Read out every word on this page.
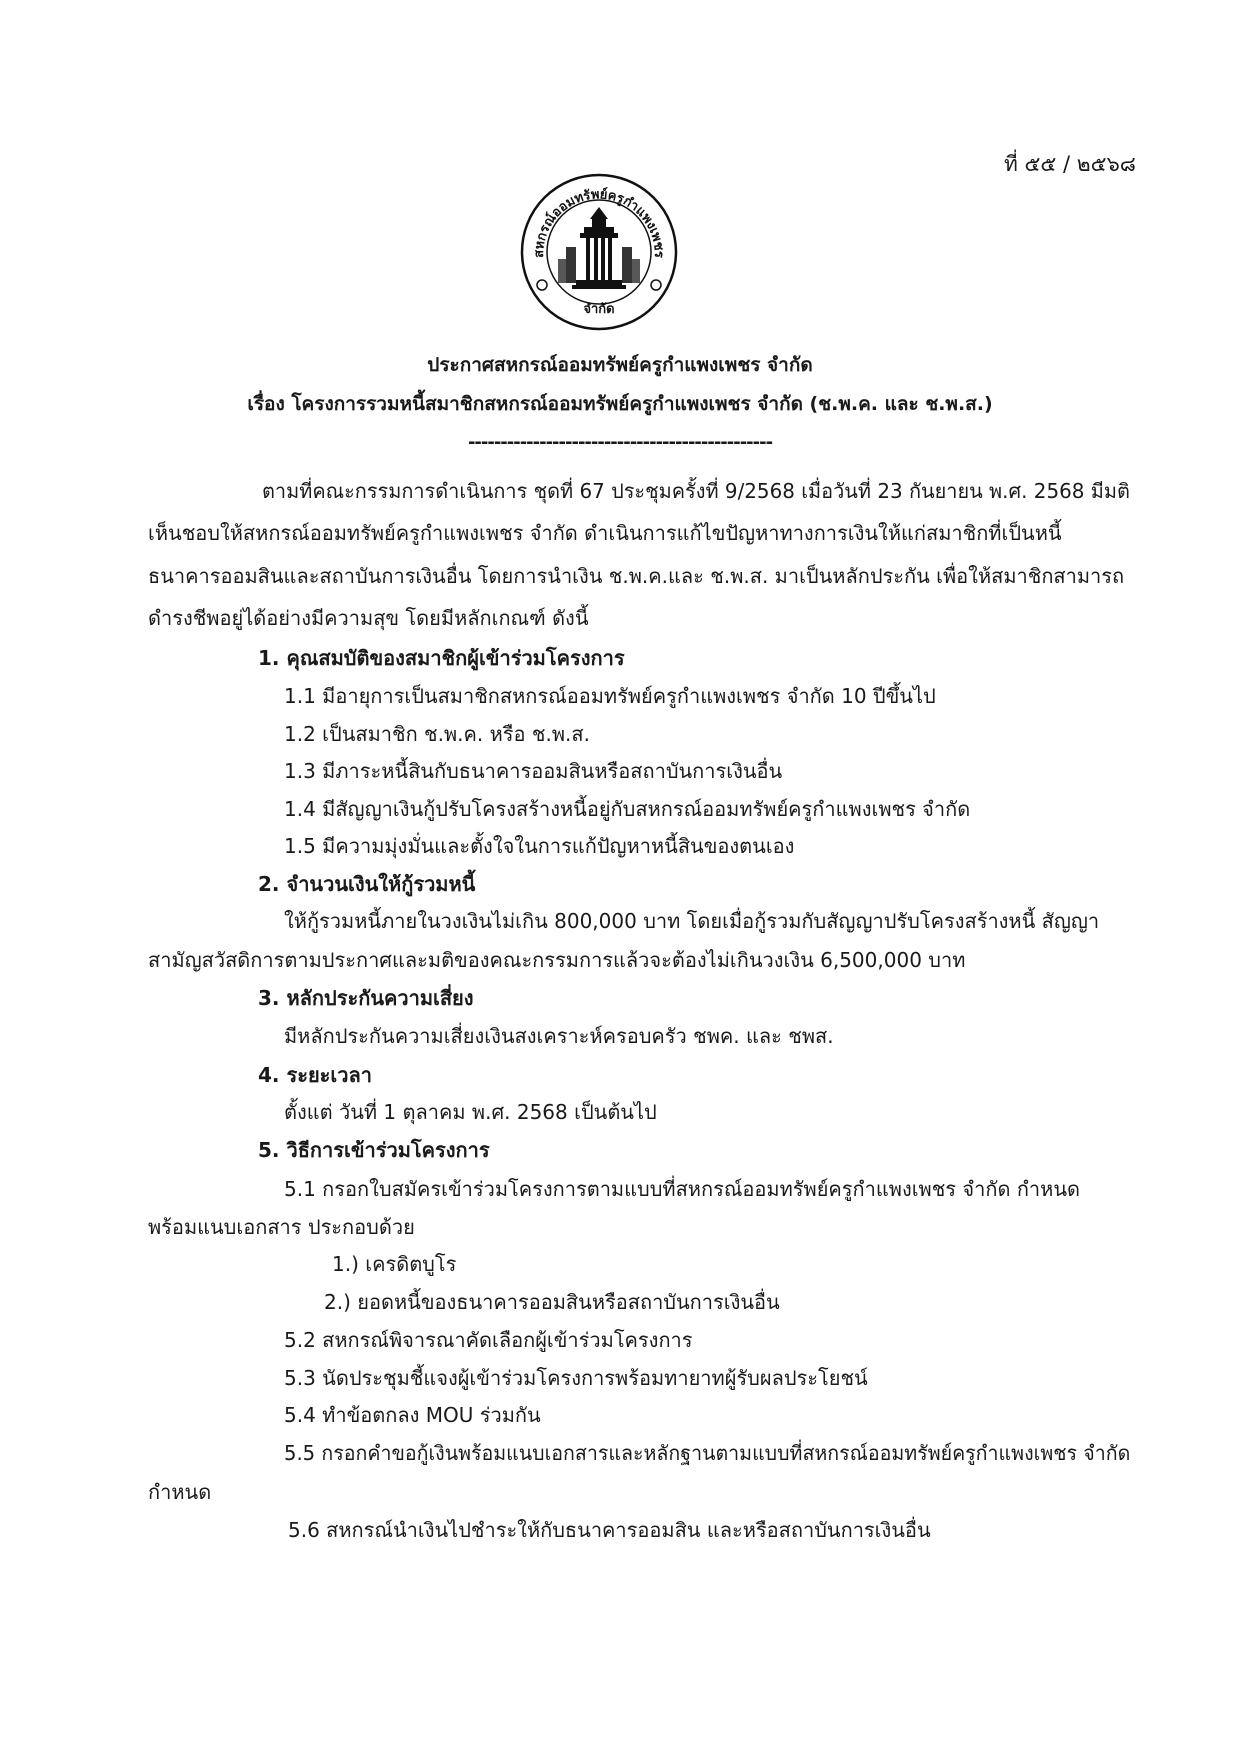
ที่ ๕๕ / ๒๕๖๘
สหกรณ์ออมทรัพย์ครูกำแพงเพชร
จำกัด
ประกาศสหกรณ์ออมทรัพย์ครูกำแพงเพชร จำกัด
เรื่อง โครงการรวมหนี้สมาชิกสหกรณ์ออมทรัพย์ครูกำแพงเพชร จำกัด (ช.พ.ค. และ ช.พ.ส.)
-----------------------------------------------
ตามที่คณะกรรมการดำเนินการ ชุดที่ 67 ประชุมครั้งที่ 9/2568 เมื่อวันที่ 23 กันยายน พ.ศ. 2568 มีมติ
เห็นชอบให้สหกรณ์ออมทรัพย์ครูกำแพงเพชร จำกัด ดำเนินการแก้ไขปัญหาทางการเงินให้แก่สมาชิกที่เป็นหนี้
ธนาคารออมสินและสถาบันการเงินอื่น โดยการนำเงิน ช.พ.ค.และ ช.พ.ส. มาเป็นหลักประกัน เพื่อให้สมาชิกสามารถ
ดำรงชีพอยู่ได้อย่างมีความสุข โดยมีหลักเกณฑ์ ดังนี้
1. คุณสมบัติของสมาชิกผู้เข้าร่วมโครงการ
1.1 มีอายุการเป็นสมาชิกสหกรณ์ออมทรัพย์ครูกำแพงเพชร จำกัด 10 ปีขึ้นไป
1.2 เป็นสมาชิก ช.พ.ค. หรือ ช.พ.ส.
1.3 มีภาระหนี้สินกับธนาคารออมสินหรือสถาบันการเงินอื่น
1.4 มีสัญญาเงินกู้ปรับโครงสร้างหนี้อยู่กับสหกรณ์ออมทรัพย์ครูกำแพงเพชร จำกัด
1.5 มีความมุ่งมั่นและตั้งใจในการแก้ปัญหาหนี้สินของตนเอง
2. จำนวนเงินให้กู้รวมหนี้
ให้กู้รวมหนี้ภายในวงเงินไม่เกิน 800,000 บาท โดยเมื่อกู้รวมกับสัญญาปรับโครงสร้างหนี้ สัญญา
สามัญสวัสดิการตามประกาศและมติของคณะกรรมการแล้วจะต้องไม่เกินวงเงิน 6,500,000 บาท
3. หลักประกันความเสี่ยง
มีหลักประกันความเสี่ยงเงินสงเคราะห์ครอบครัว ชพค. และ ชพส.
4. ระยะเวลา
ตั้งแต่ วันที่ 1 ตุลาคม พ.ศ. 2568 เป็นต้นไป
5. วิธีการเข้าร่วมโครงการ
5.1 กรอกใบสมัครเข้าร่วมโครงการตามแบบที่สหกรณ์ออมทรัพย์ครูกำแพงเพชร จำกัด กำหนด
พร้อมแนบเอกสาร ประกอบด้วย
1.) เครดิตบูโร
2.) ยอดหนี้ของธนาคารออมสินหรือสถาบันการเงินอื่น
5.2 สหกรณ์พิจารณาคัดเลือกผู้เข้าร่วมโครงการ
5.3 นัดประชุมชี้แจงผู้เข้าร่วมโครงการพร้อมทายาทผู้รับผลประโยชน์
5.4 ทำข้อตกลง MOU ร่วมกัน
5.5 กรอกคำขอกู้เงินพร้อมแนบเอกสารและหลักฐานตามแบบที่สหกรณ์ออมทรัพย์ครูกำแพงเพชร จำกัด
กำหนด
5.6 สหกรณ์นำเงินไปชำระให้กับธนาคารออมสิน และหรือสถาบันการเงินอื่น
